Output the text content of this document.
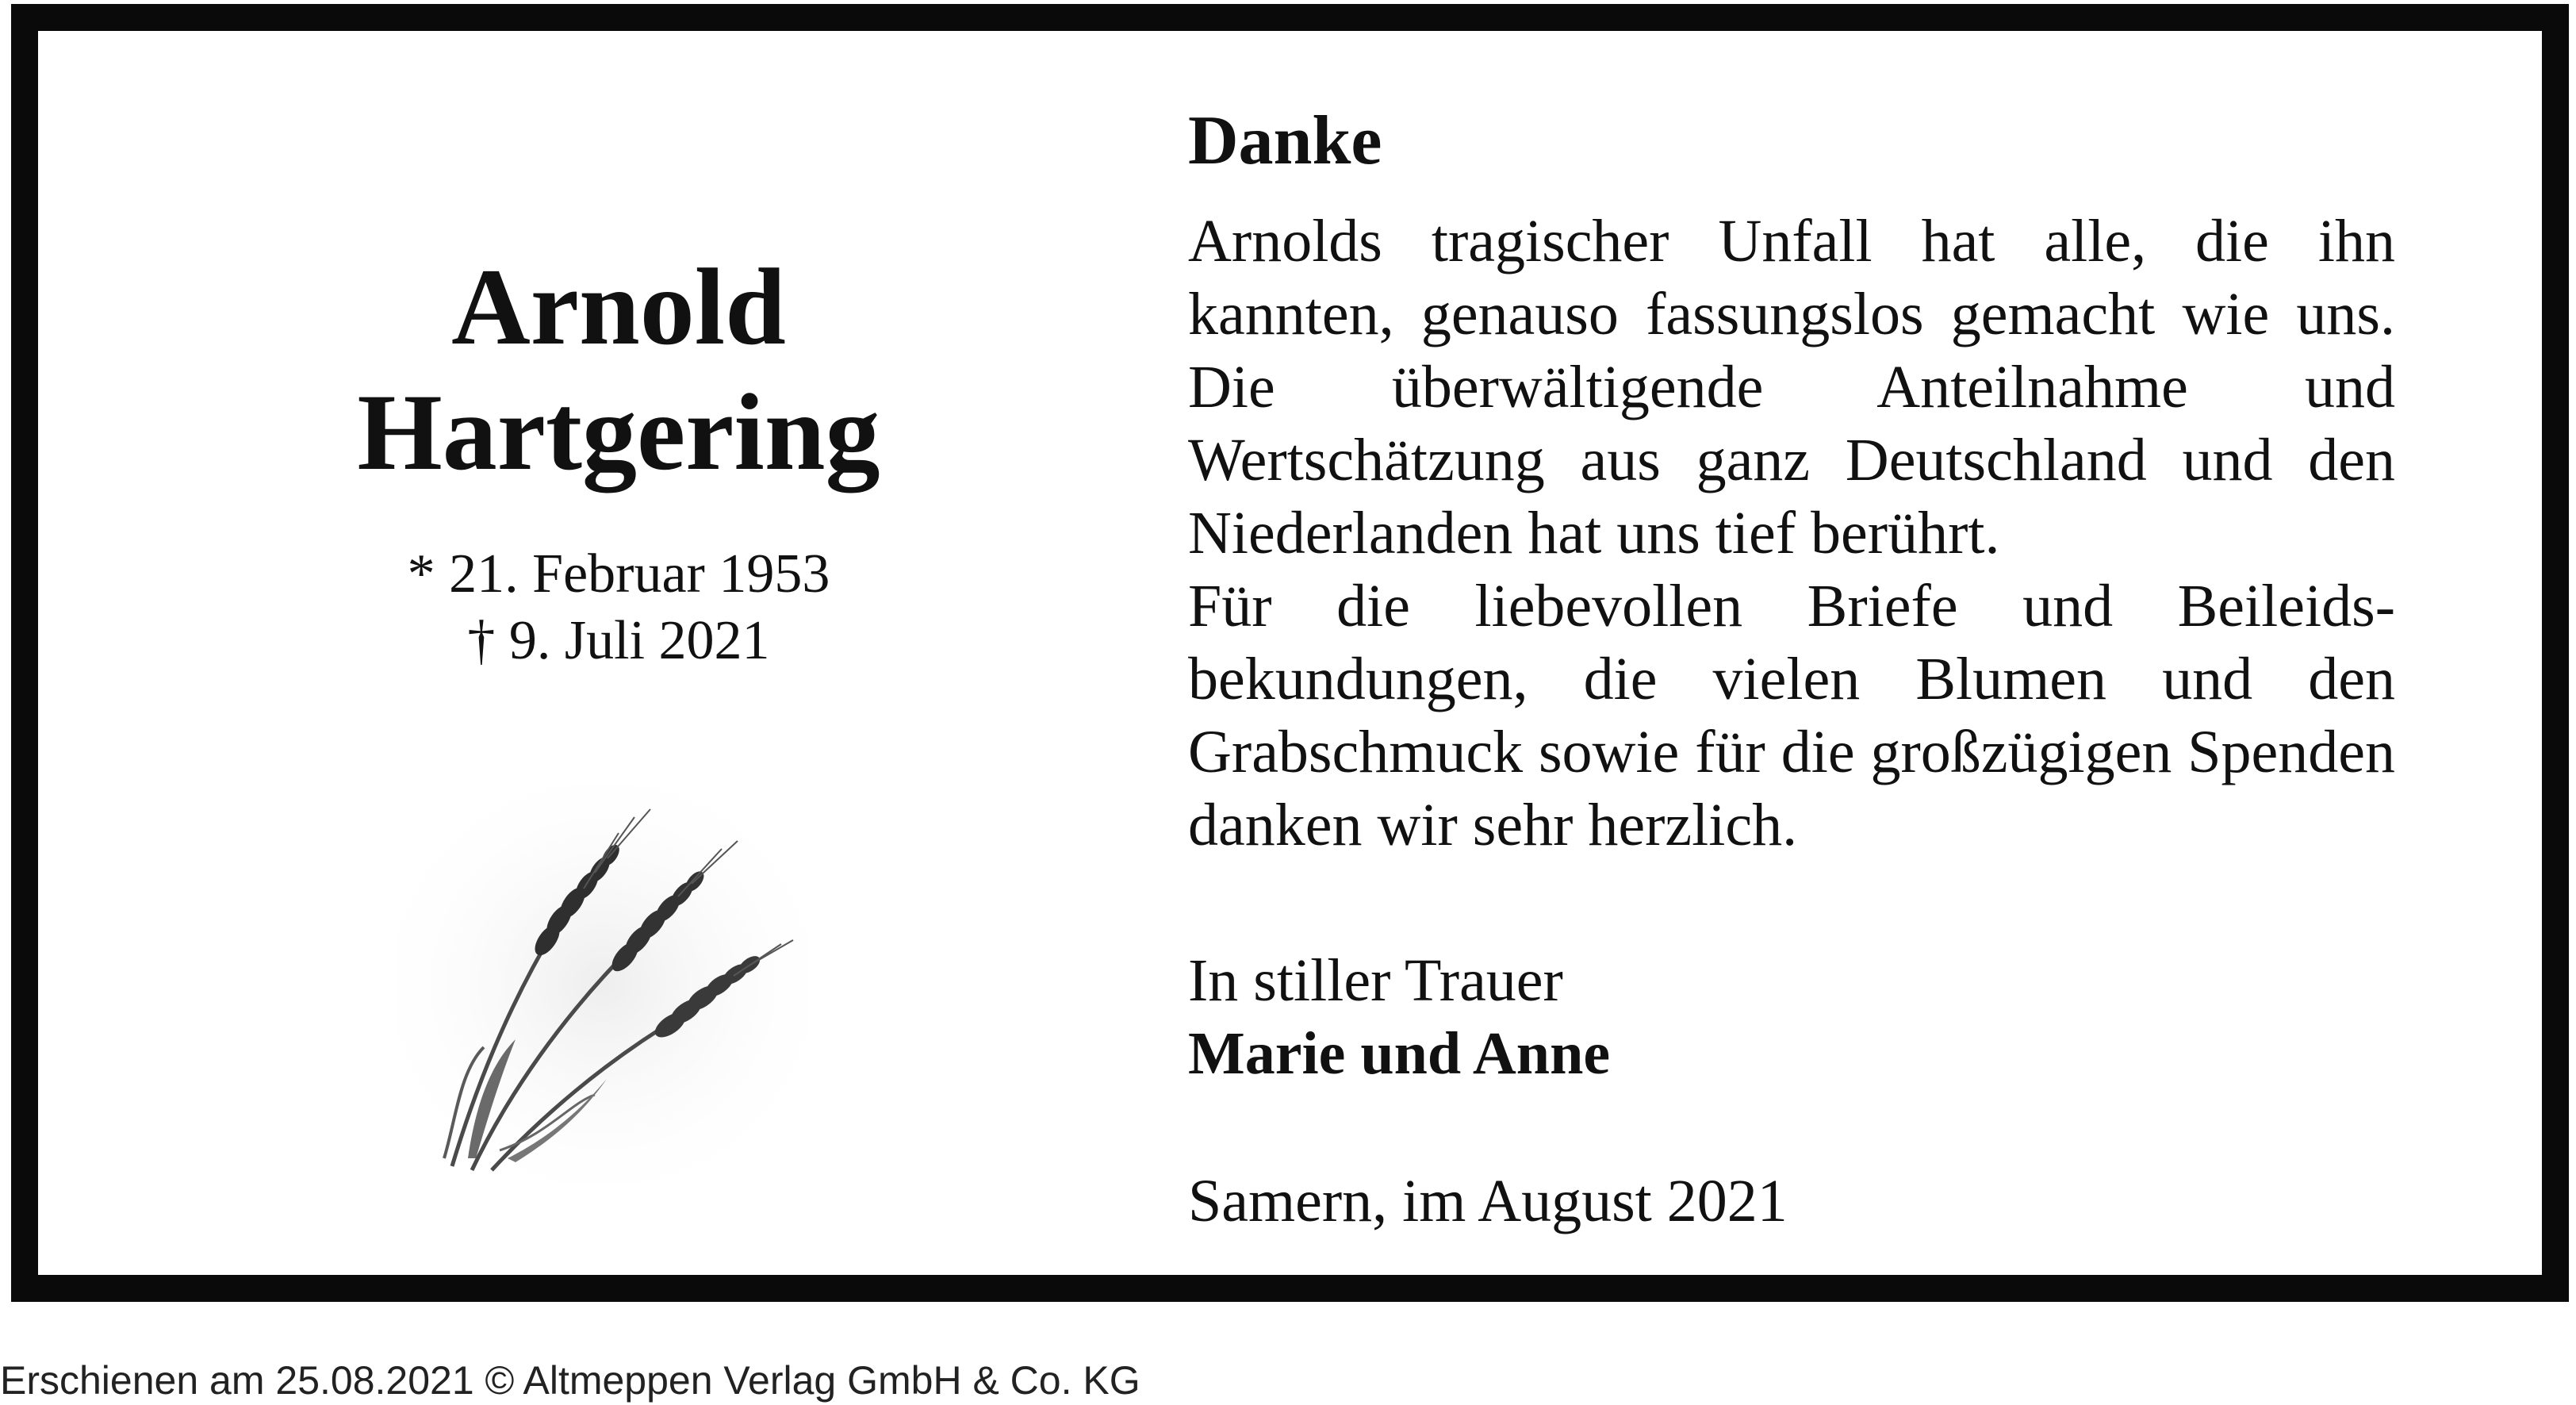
Arnold
Hartgering
* 21. Februar 1953
† 9. Juli 2021
Danke

Arnolds tragischer Unfall hat alle, die ihn kannten, genauso fassungslos gemacht wie uns. Die überwältigende Anteilnahme und Wertschätzung aus ganz Deutschland und den Niederlanden hat uns tief berührt.

Für die liebevollen Briefe und Beileidsbekundungen, die vielen Blumen und den Grabschmuck sowie für die großzügigen Spenden danken wir sehr herzlich.

In stiller Trauer
Marie und Anne
Samern, im August 2021
Erschienen am 25.08.2021 © Altmeppen Verlag GmbH & Co. KG
